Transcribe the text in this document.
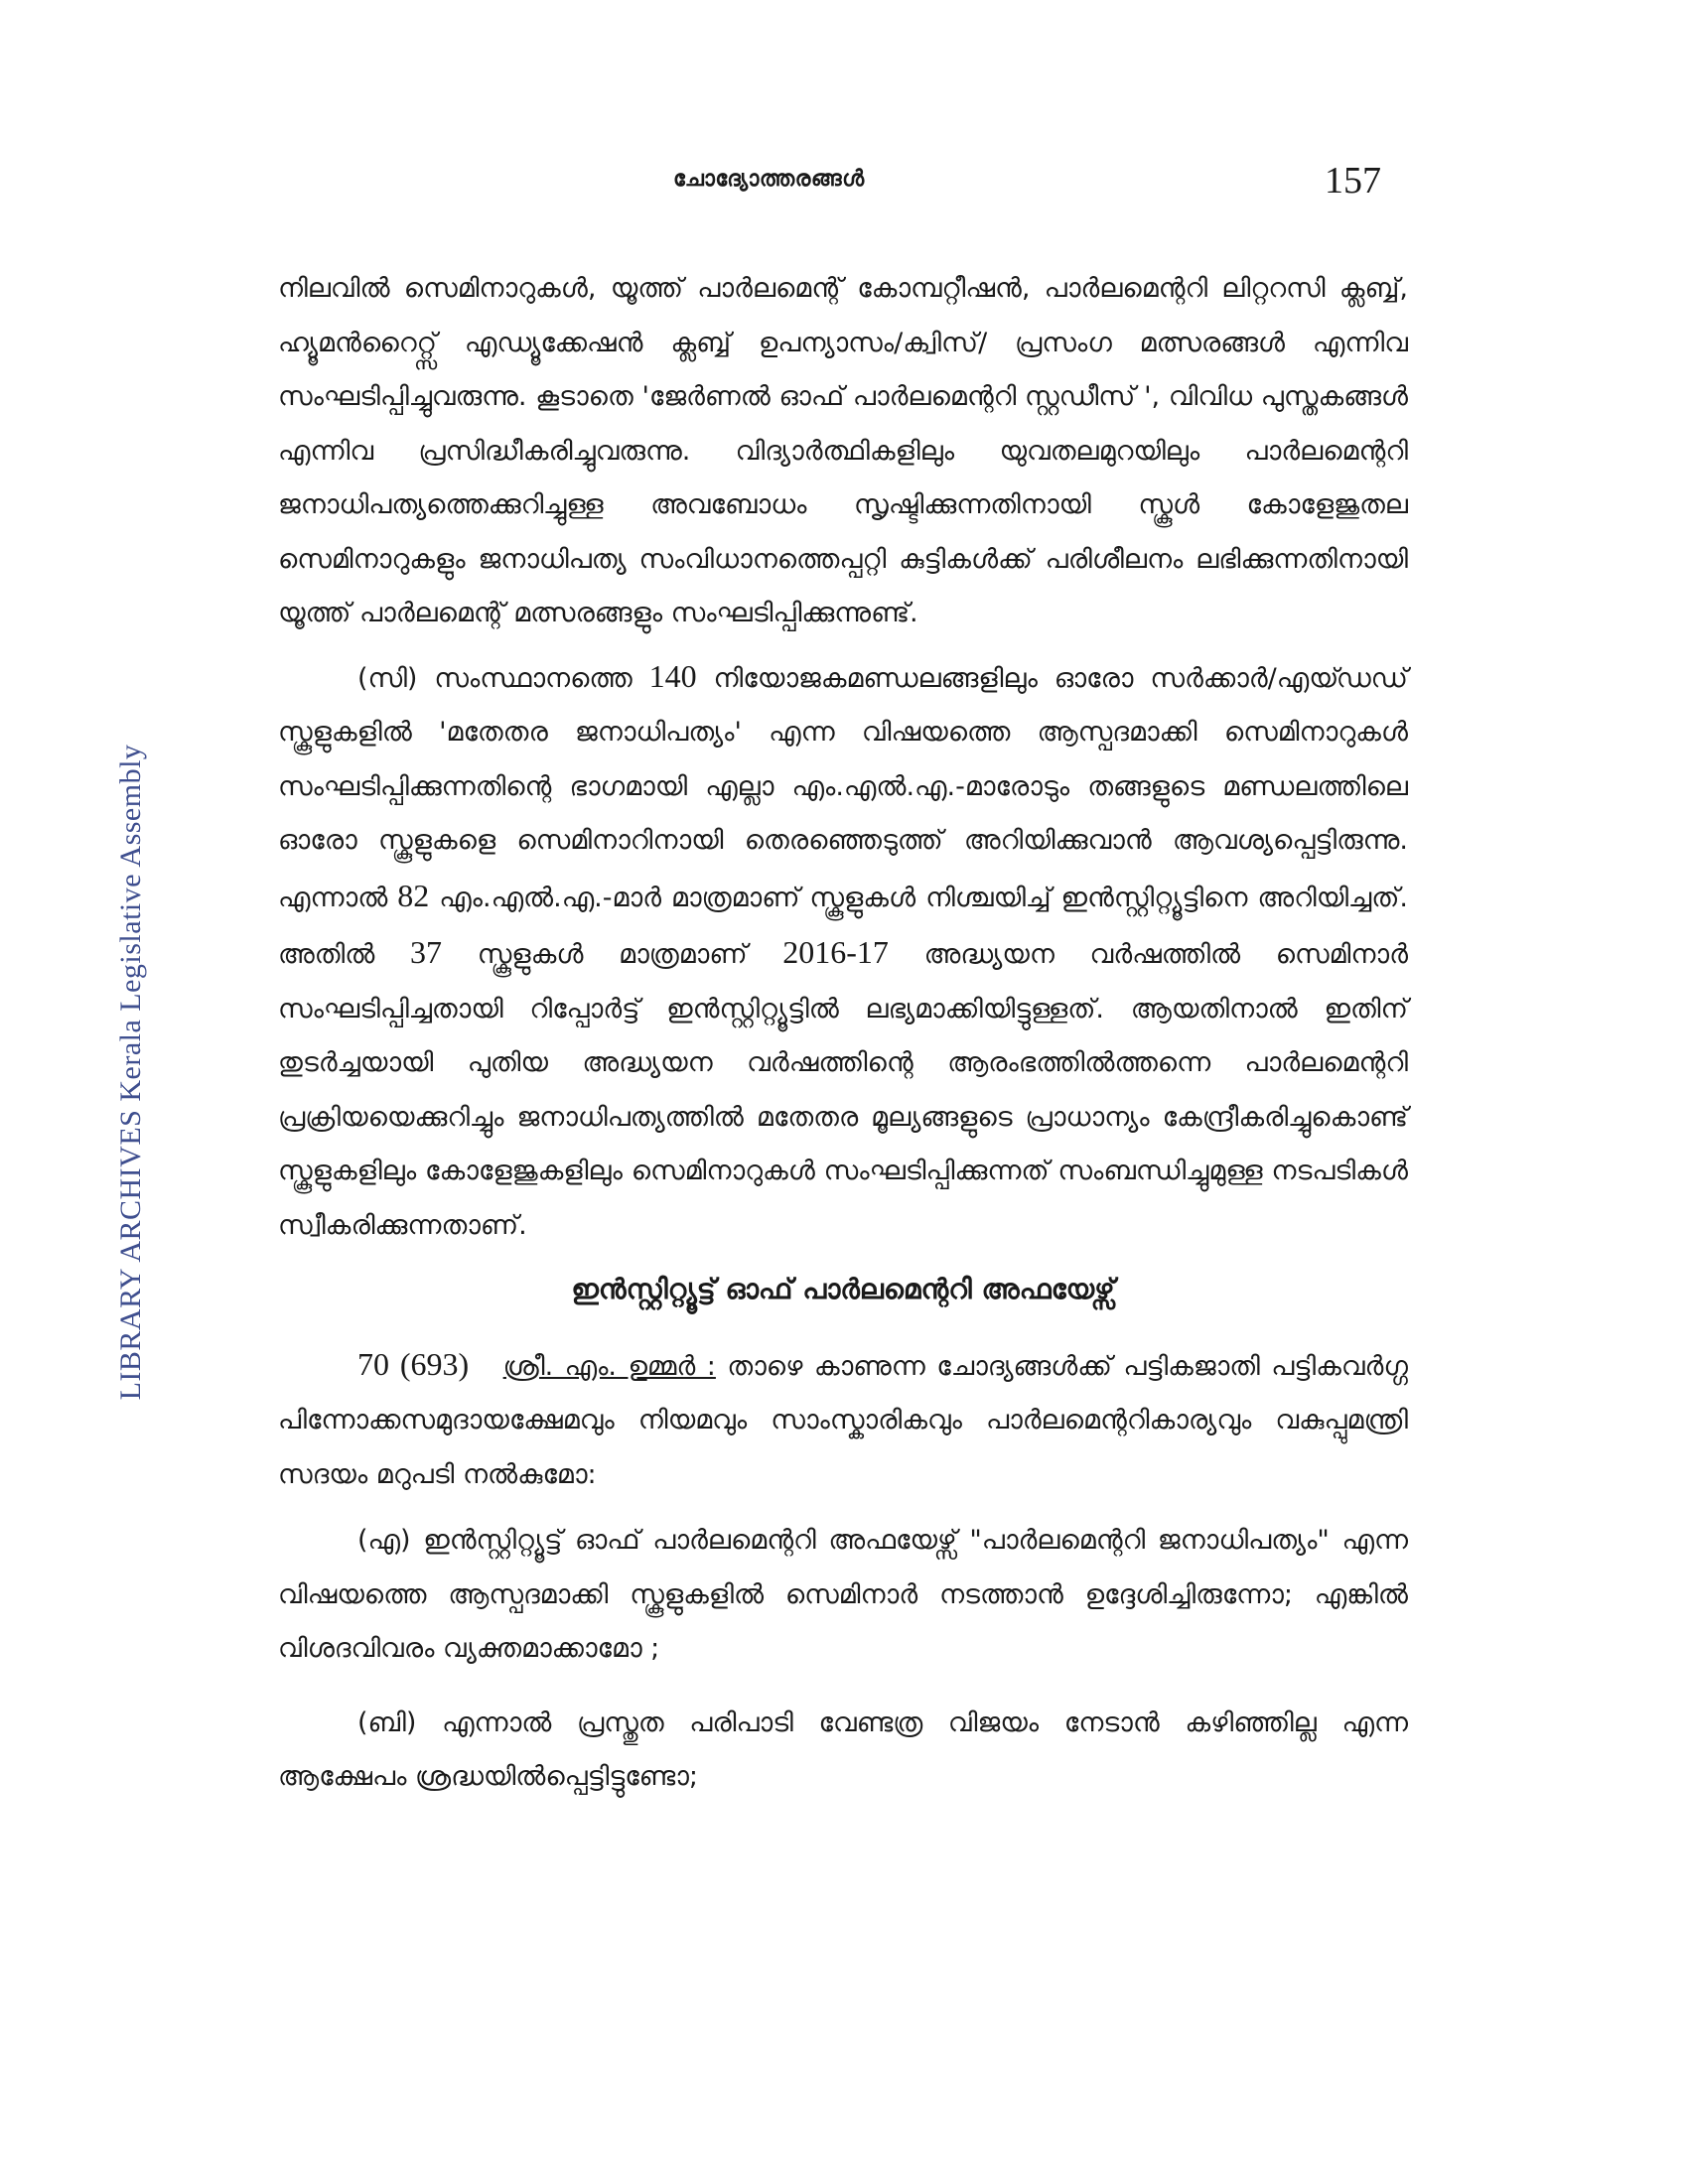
ചോദ്യോത്തരങ്ങൾ	157
LIBRARY ARCHIVES Kerala Legislative Assembly

നിലവിൽ സെമിനാറുകൾ, യൂത്ത് പാർലമെന്റ് കോമ്പറ്റീഷൻ, പാർലമെന്ററി ലിറ്ററസി ക്ലബ്ബ്, ഹ്യൂമൻറൈറ്റ്സ് എഡ്യൂക്കേഷൻ ക്ലബ്ബ് ഉപന്യാസം/ക്വിസ്/ പ്രസംഗ മത്സരങ്ങൾ എന്നിവ സംഘടിപ്പിച്ചുവരുന്നു. കൂടാതെ 'ജേർണൽ ഓഫ് പാർലമെന്ററി സ്റ്റഡീസ് ', വിവിധ പുസ്തകങ്ങൾ എന്നിവ പ്രസിദ്ധീകരിച്ചുവരുന്നു. വിദ്യാർത്ഥികളിലും യുവതലമുറയിലും പാർലമെന്ററി ജനാധിപത്യത്തെക്കുറിച്ചുള്ള അവബോധം സൃഷ്ടിക്കുന്നതിനായി സ്കൂൾ കോളേജുതല സെമിനാറുകളും ജനാധിപത്യ സംവിധാനത്തെപ്പറ്റി കുട്ടികൾക്ക് പരിശീലനം ലഭിക്കുന്നതിനായി യൂത്ത് പാർലമെന്റ് മത്സരങ്ങളും സംഘടിപ്പിക്കുന്നുണ്ട്.

(സി) സംസ്ഥാനത്തെ 140 നിയോജകമണ്ഡലങ്ങളിലും ഓരോ സർക്കാർ/എയ്ഡഡ് സ്കൂളുകളിൽ 'മതേതര ജനാധിപത്യം' എന്ന വിഷയത്തെ ആസ്പദമാക്കി സെമിനാറുകൾ സംഘടിപ്പിക്കുന്നതിന്റെ ഭാഗമായി എല്ലാ എം.എൽ.എ.-മാരോടും തങ്ങളുടെ മണ്ഡലത്തിലെ ഓരോ സ്കൂളുകളെ സെമിനാറിനായി തെരഞ്ഞെടുത്ത് അറിയിക്കുവാൻ ആവശ്യപ്പെട്ടിരുന്നു. എന്നാൽ 82 എം.എൽ.എ.-മാർ മാത്രമാണ് സ്കൂളുകൾ നിശ്ചയിച്ച് ഇൻസ്റ്റിറ്റ്യൂട്ടിനെ അറിയിച്ചത്. അതിൽ 37 സ്കൂളുകൾ മാത്രമാണ് 2016-17 അദ്ധ്യയന വർഷത്തിൽ സെമിനാർ സംഘടിപ്പിച്ചതായി റിപ്പോർട്ട് ഇൻസ്റ്റിറ്റ്യൂട്ടിൽ ലഭ്യമാക്കിയിട്ടുള്ളത്. ആയതിനാൽ ഇതിന് തുടർച്ചയായി പുതിയ അദ്ധ്യയന വർഷത്തിന്റെ ആരംഭത്തിൽത്തന്നെ പാർലമെന്ററി പ്രക്രിയയെക്കുറിച്ചും ജനാധിപത്യത്തിൽ മതേതര മൂല്യങ്ങളുടെ പ്രാധാന്യം കേന്ദ്രീകരിച്ചുകൊണ്ട് സ്കൂളുകളിലും കോളേജുകളിലും സെമിനാറുകൾ സംഘടിപ്പിക്കുന്നത് സംബന്ധിച്ചുമുള്ള നടപടികൾ സ്വീകരിക്കുന്നതാണ്.

ഇൻസ്റ്റിറ്റ്യൂട്ട് ഓഫ് പാർലമെന്ററി അഫയേഴ്സ്

70 (693) ശ്രീ. എം. ഉമ്മർ : താഴെ കാണുന്ന ചോദ്യങ്ങൾക്ക് പട്ടികജാതി പട്ടികവർഗ്ഗ പിന്നോക്കസമുദായക്ഷേമവും നിയമവും സാംസ്കാരികവും പാർലമെന്ററികാര്യവും വകുപ്പുമന്ത്രി സദയം മറുപടി നൽകുമോ:

(എ) ഇൻസ്റ്റിറ്റ്യൂട്ട് ഓഫ് പാർലമെന്ററി അഫയേഴ്സ് "പാർലമെന്ററി ജനാധിപത്യം" എന്ന വിഷയത്തെ ആസ്പദമാക്കി സ്കൂളുകളിൽ സെമിനാർ നടത്താൻ ഉദ്ദേശിച്ചിരുന്നോ; എങ്കിൽ വിശദവിവരം വ്യക്തമാക്കാമോ ;

(ബി) എന്നാൽ പ്രസ്തുത പരിപാടി വേണ്ടത്ര വിജയം നേടാൻ കഴിഞ്ഞില്ല എന്ന ആക്ഷേപം ശ്രദ്ധയിൽപ്പെട്ടിട്ടുണ്ടോ;
